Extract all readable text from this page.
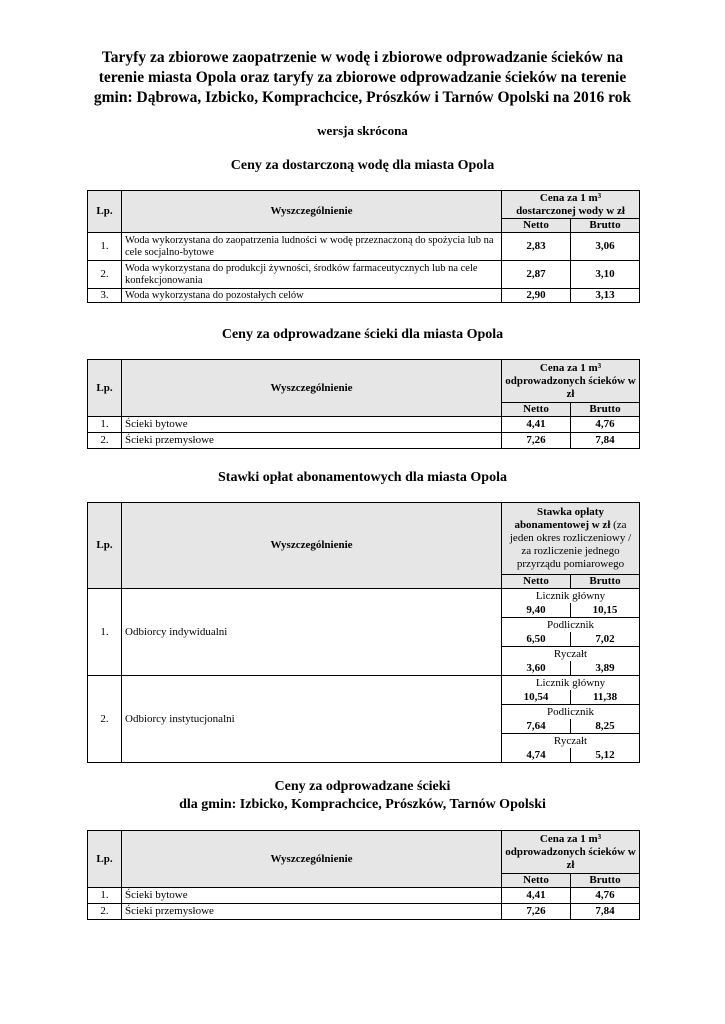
Taryfy za zbiorowe zaopatrzenie w wodę i zbiorowe odprowadzanie ścieków na
terenie miasta Opola oraz taryfy za zbiorowe odprowadzanie ścieków na terenie
gmin: Dąbrowa, Izbicko, Komprachcice, Prószków i Tarnów Opolski na 2016 rok
wersja skrócona
Ceny za dostarczoną wodę dla miasta Opola
Lp.	Wyszczególnienie	Cena za 1 $m^3$
dostarczonej wody w zł	
		Netto	Brutto
1.	Woda wykorzystana do zaopatrzenia ludności w wodę przeznaczoną do spożycia lub na cele socjalno-bytowe	2,83	3,06
2.	Woda wykorzystana do produkcji żywności, środków farmaceutycznych lub na cele konfekcjonowania	2,87	3,10
3.	Woda wykorzystana do pozostałych celów	2,90	3,13
Ceny za odprowadzane ścieki dla miasta Opola
Lp.	Wyszczególnienie	Cena za 1 $m^3$
odprowadzonych ścieków w zł	
		Netto	Brutto
1.	Ścieki bytowe	4,41	4,76
2.	Ścieki przemysłowe	7,26	7,84
Stawki opłat abonamentowych dla miasta Opola
Lp.	Wyszczególnienie	Stawka opłaty abonamentowej w zł (za jeden okres rozliczeniowy / za rozliczenie jednego przyrządu pomiarowego	
		Netto	Brutto
1.	Odbiorcy indywidualni	Licznik główny
9,40 10,15	

		Podlicznik
6,50 7,02	

		Ryczałt
3,60 3,89	

2.	Odbiorcy instytucjonalni	Licznik główny
10,54 11,38	

		Podlicznik
7,64 8,25	

		Ryczałt
4,74 5,12	
Ceny za odprowadzane ścieki
dla gmin: Izbicko, Komprachcice, Prószków, Tarnów Opolski
Lp.	Wyszczególnienie	Cena za 1 $m^3$
odprowadzonych ścieków w zł	
		Netto	Brutto
1.	Ścieki bytowe	4,41	4,76
2.	Ścieki przemysłowe	7,26	7,84
